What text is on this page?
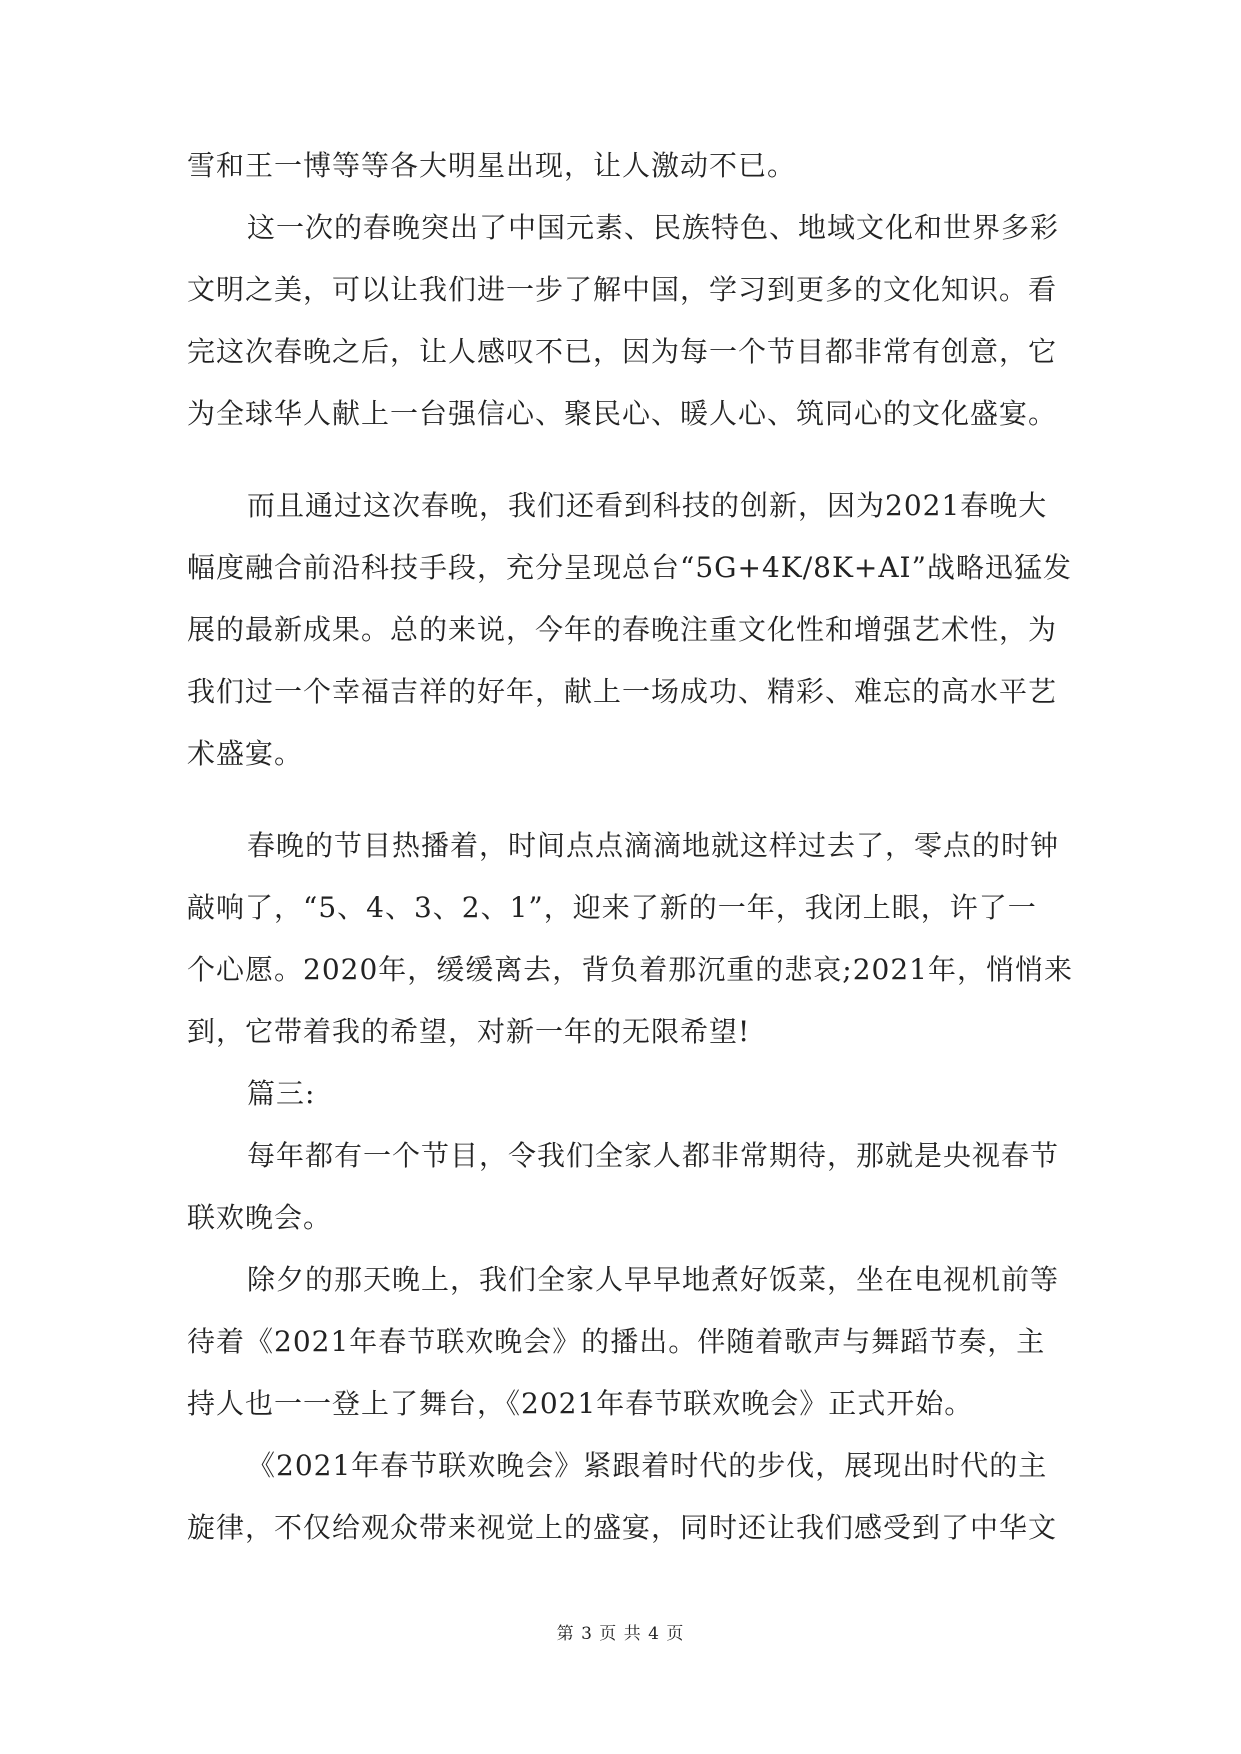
雪和王一博等等各大明星出现，让人激动不已。
这一次的春晚突出了中国元素、民族特色、地域文化和世界多彩
文明之美，可以让我们进一步了解中国，学习到更多的文化知识。看
完这次春晚之后，让人感叹不已，因为每一个节目都非常有创意，它
为全球华人献上一台强信心、聚民心、暖人心、筑同心的文化盛宴。
而且通过这次春晚，我们还看到科技的创新，因为2021春晚大
幅度融合前沿科技手段，充分呈现总台“5G+4K/8K+AI”战略迅猛发
展的最新成果。总的来说，今年的春晚注重文化性和增强艺术性，为
我们过一个幸福吉祥的好年，献上一场成功、精彩、难忘的高水平艺
术盛宴。
春晚的节目热播着，时间点点滴滴地就这样过去了，零点的时钟
敲响了，“5、4、3、2、1”，迎来了新的一年，我闭上眼，许了一
个心愿。2020年，缓缓离去，背负着那沉重的悲哀;2021年，悄悄来
到，它带着我的希望，对新一年的无限希望!
篇三:
每年都有一个节目，令我们全家人都非常期待，那就是央视春节
联欢晚会。
除夕的那天晚上，我们全家人早早地煮好饭菜，坐在电视机前等
待着《2021年春节联欢晚会》的播出。伴随着歌声与舞蹈节奏，主
持人也一一登上了舞台，《2021年春节联欢晚会》正式开始。
《2021年春节联欢晚会》紧跟着时代的步伐，展现出时代的主
旋律，不仅给观众带来视觉上的盛宴，同时还让我们感受到了中华文
第 3 页 共 4 页
